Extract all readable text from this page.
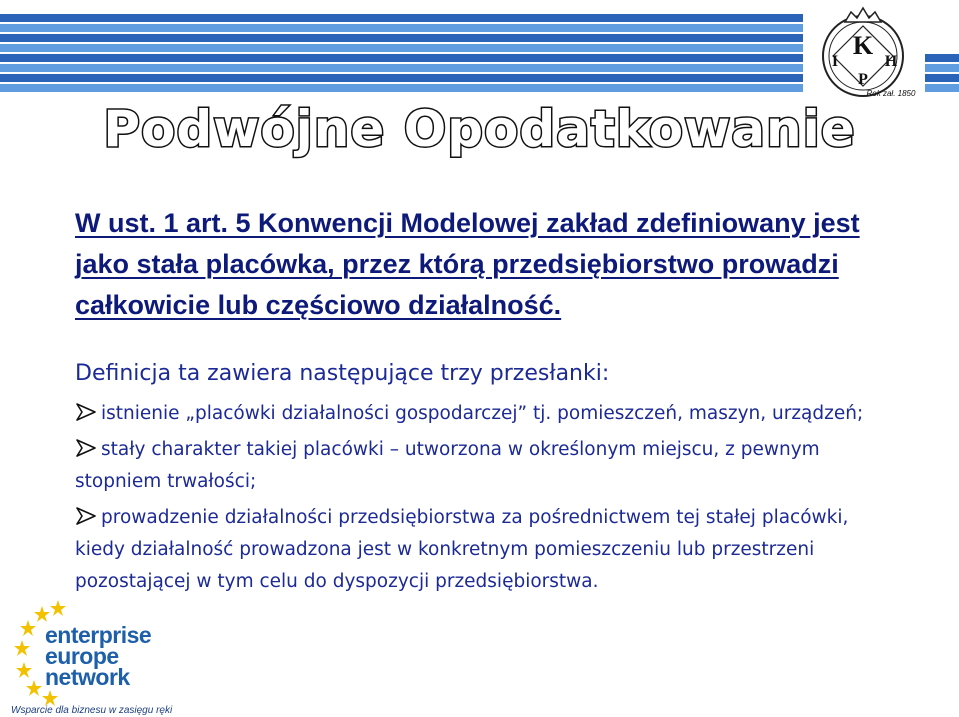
K
I
P
H
Rok zał. 1850
Podwójne Opodatkowanie

W ust. 1 art. 5 Konwencji Modelowej zakład zdefiniowany jest jako stała placówka, przez którą przedsiębiorstwo prowadzi całkowicie lub częściowo działalność.

Definicja ta zawiera następujące trzy przesłanki:

istnienie „placówki działalności gospodarczej” tj. pomieszczeń, maszyn, urządzeń;
stały charakter takiej placówki – utworzona w określonym miejscu, z pewnym stopniem trwałości;
prowadzenie działalności przedsiębiorstwa za pośrednictwem tej stałej placówki, kiedy działalność prowadzona jest w konkretnym pomieszczeniu lub przestrzeni pozostającej w tym celu do dyspozycji przedsiębiorstwa.

enterprise
europe
network

Wsparcie dla biznesu w zasięgu ręki
